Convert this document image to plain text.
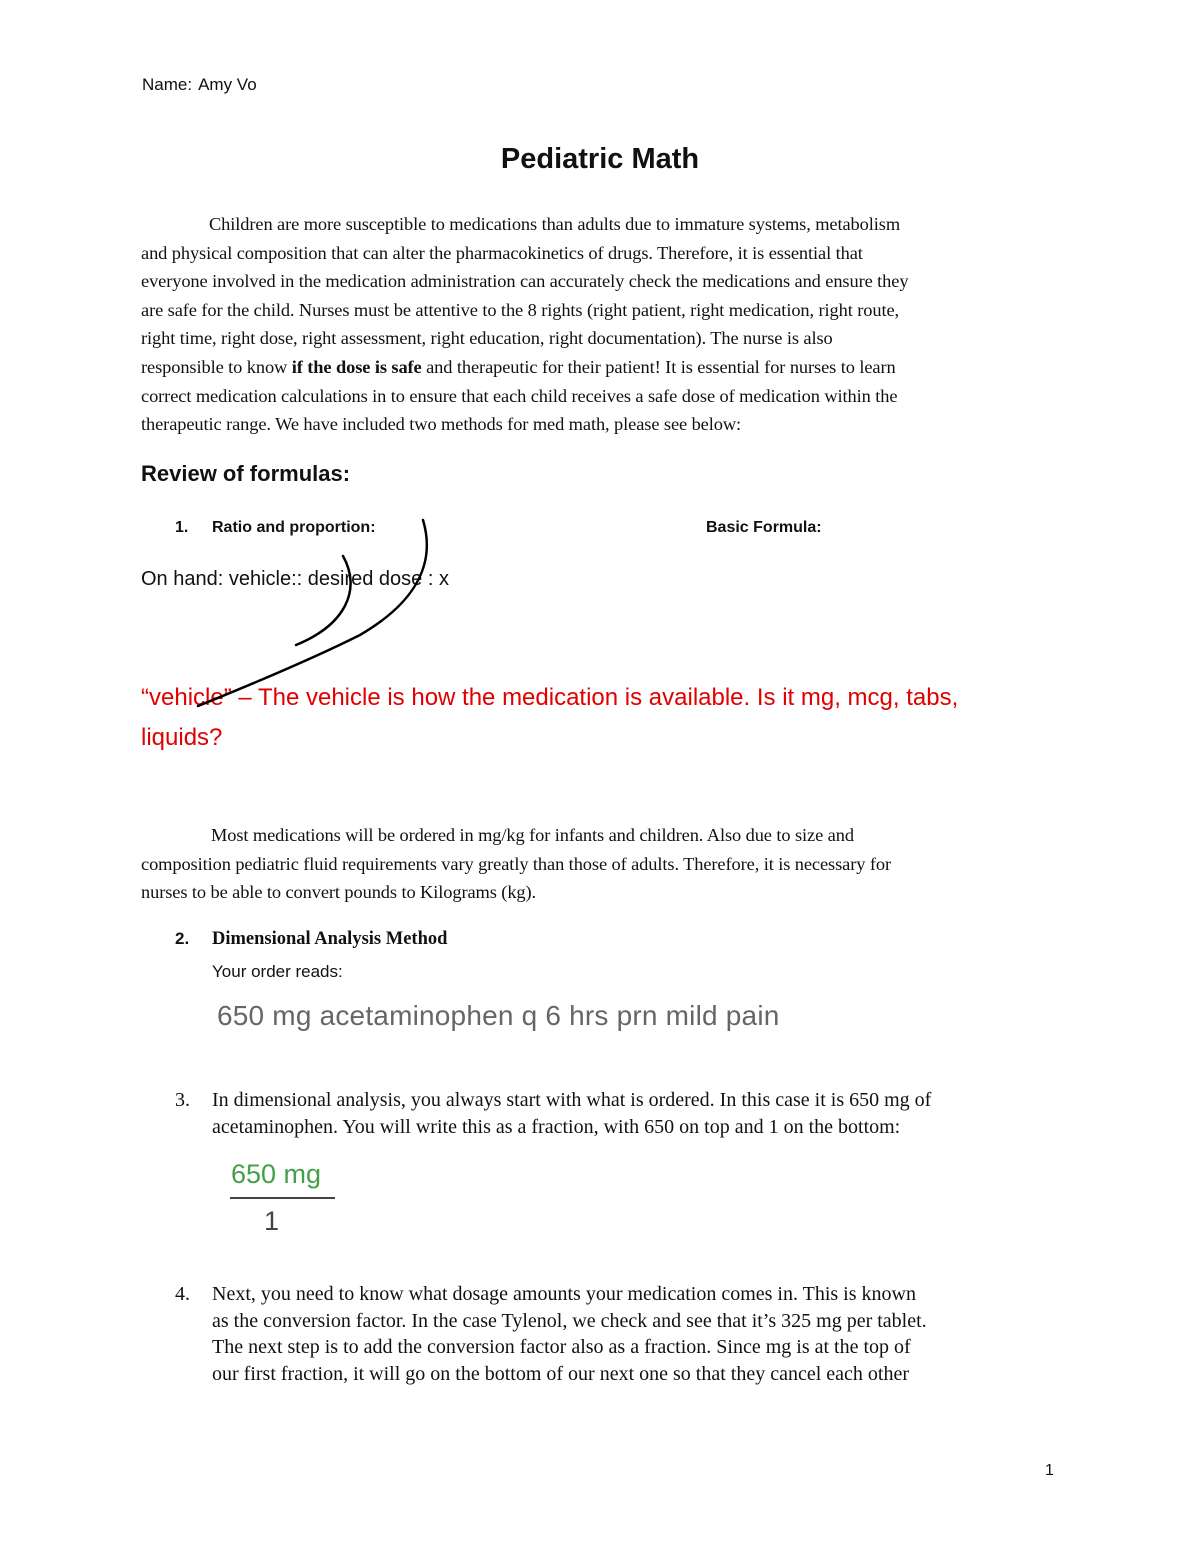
Name: Amy Vo
Pediatric Math
Children are more susceptible to medications than adults due to immature systems, metabolism
and physical composition that can alter the pharmacokinetics of drugs. Therefore, it is essential that
everyone involved in the medication administration can accurately check the medications and ensure they
are safe for the child. Nurses must be attentive to the 8 rights (right patient, right medication, right route,
right time, right dose, right assessment, right education, right documentation). The nurse is also
responsible to know if the dose is safe and therapeutic for their patient! It is essential for nurses to learn
correct medication calculations in to ensure that each child receives a safe dose of medication within the
therapeutic range. We have included two methods for med math, please see below:
Review of formulas:
1. Ratio and proportion:	Basic Formula:
On hand: vehicle:: desired dose : x
“vehicle” – The vehicle is how the medication is available. Is it mg, mcg, tabs,
liquids?
Most medications will be ordered in mg/kg for infants and children. Also due to size and
composition pediatric fluid requirements vary greatly than those of adults. Therefore, it is necessary for
nurses to be able to convert pounds to Kilograms (kg).
2. Dimensional Analysis Method
Your order reads:
650 mg acetaminophen q 6 hrs prn mild pain
3. In dimensional analysis, you always start with what is ordered. In this case it is 650 mg of
acetaminophen. You will write this as a fraction, with 650 on top and 1 on the bottom:
650 mg
1
4. Next, you need to know what dosage amounts your medication comes in. This is known
as the conversion factor. In the case Tylenol, we check and see that it’s 325 mg per tablet.
The next step is to add the conversion factor also as a fraction. Since mg is at the top of
our first fraction, it will go on the bottom of our next one so that they cancel each other
1
